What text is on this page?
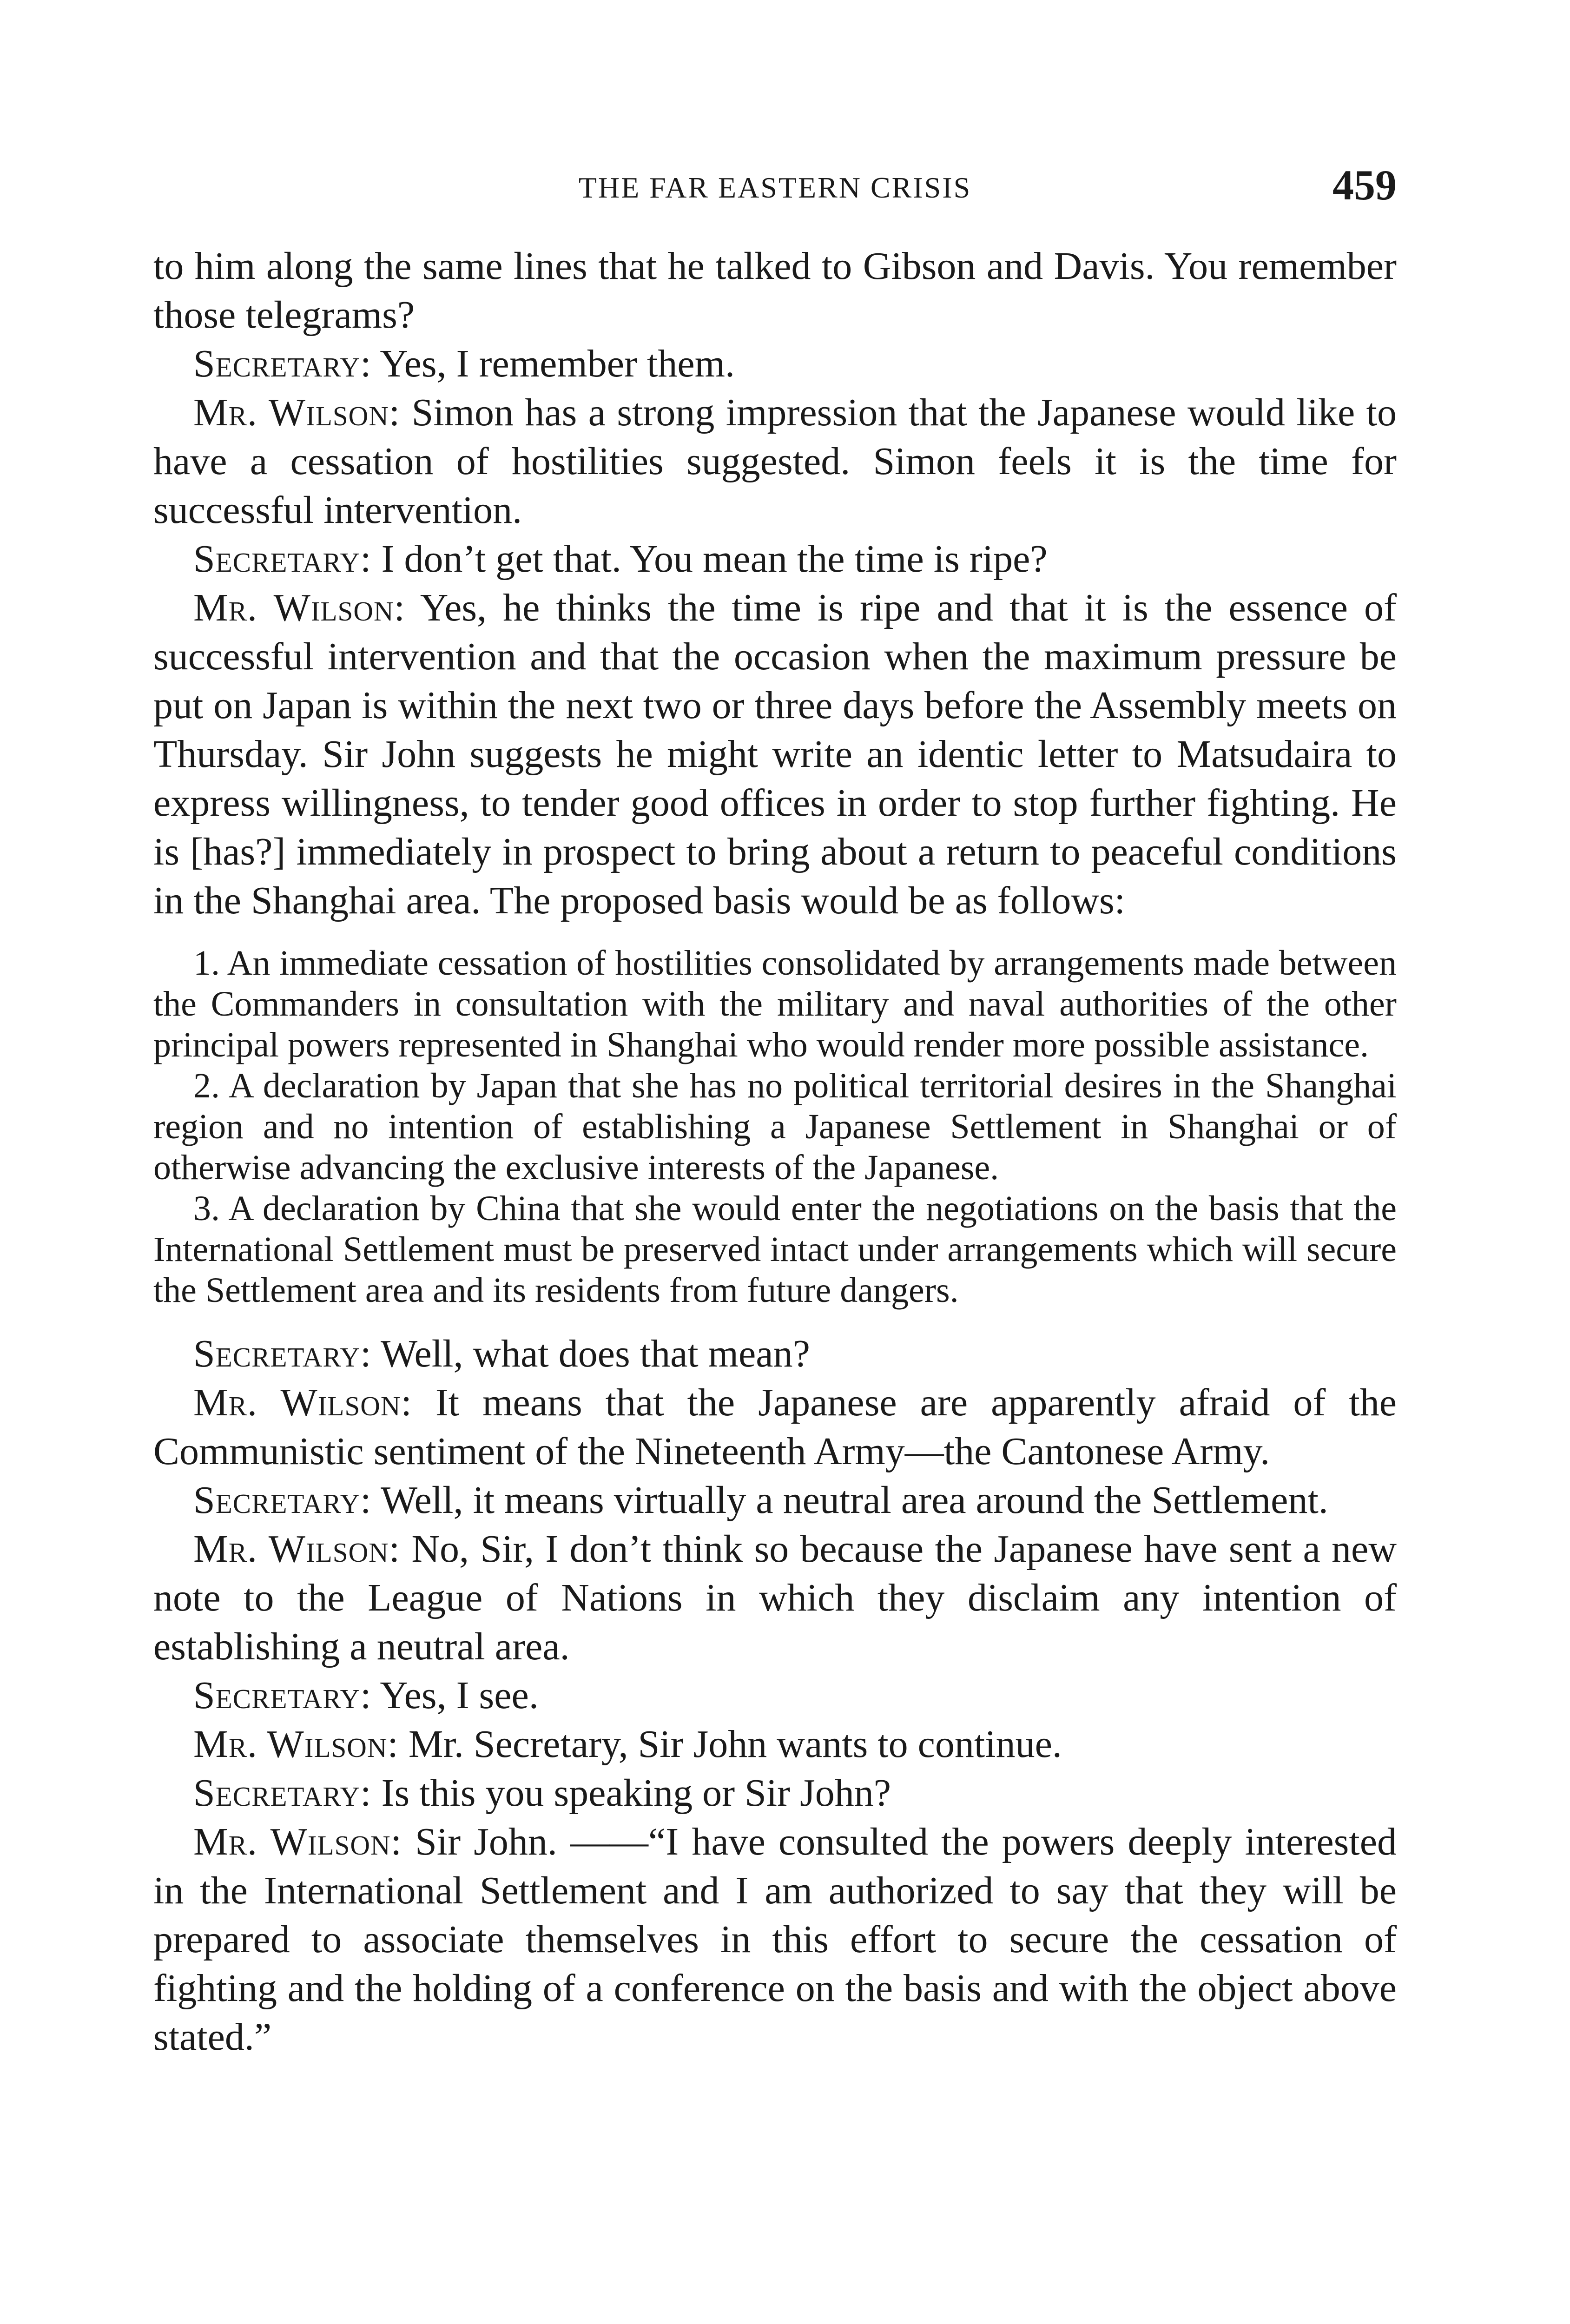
THE FAR EASTERN CRISIS	459

to him along the same lines that he talked to Gibson and Davis. You remember those telegrams?

Secretary: Yes, I remember them.

Mr. Wilson: Simon has a strong impression that the Japanese would like to have a cessation of hostilities suggested. Simon feels it is the time for successful intervention.

Secretary: I don’t get that. You mean the time is ripe?

Mr. Wilson: Yes, he thinks the time is ripe and that it is the essence of successful intervention and that the occasion when the maximum pressure be put on Japan is within the next two or three days before the Assembly meets on Thursday. Sir John suggests he might write an identic letter to Matsudaira to express willingness, to tender good offices in order to stop further fighting. He is [has?] immediately in prospect to bring about a return to peaceful conditions in the Shanghai area. The proposed basis would be as follows:

1. An immediate cessation of hostilities consolidated by arrangements made between the Commanders in consultation with the military and naval authorities of the other principal powers represented in Shanghai who would render more possible assistance.

2. A declaration by Japan that she has no political territorial desires in the Shanghai region and no intention of establishing a Japanese Settlement in Shanghai or of otherwise advancing the exclusive interests of the Japanese.

3. A declaration by China that she would enter the negotiations on the basis that the International Settlement must be preserved intact under arrangements which will secure the Settlement area and its residents from future dangers.

Secretary: Well, what does that mean?

Mr. Wilson: It means that the Japanese are apparently afraid of the Communistic sentiment of the Nineteenth Army—the Cantonese Army.

Secretary: Well, it means virtually a neutral area around the Settlement.

Mr. Wilson: No, Sir, I don’t think so because the Japanese have sent a new note to the League of Nations in which they disclaim any intention of establishing a neutral area.

Secretary: Yes, I see.

Mr. Wilson: Mr. Secretary, Sir John wants to continue.

Secretary: Is this you speaking or Sir John?

Mr. Wilson: Sir John. ——“I have consulted the powers deeply interested in the International Settlement and I am authorized to say that they will be prepared to associate themselves in this effort to secure the cessation of fighting and the holding of a conference on the basis and with the object above stated.”
